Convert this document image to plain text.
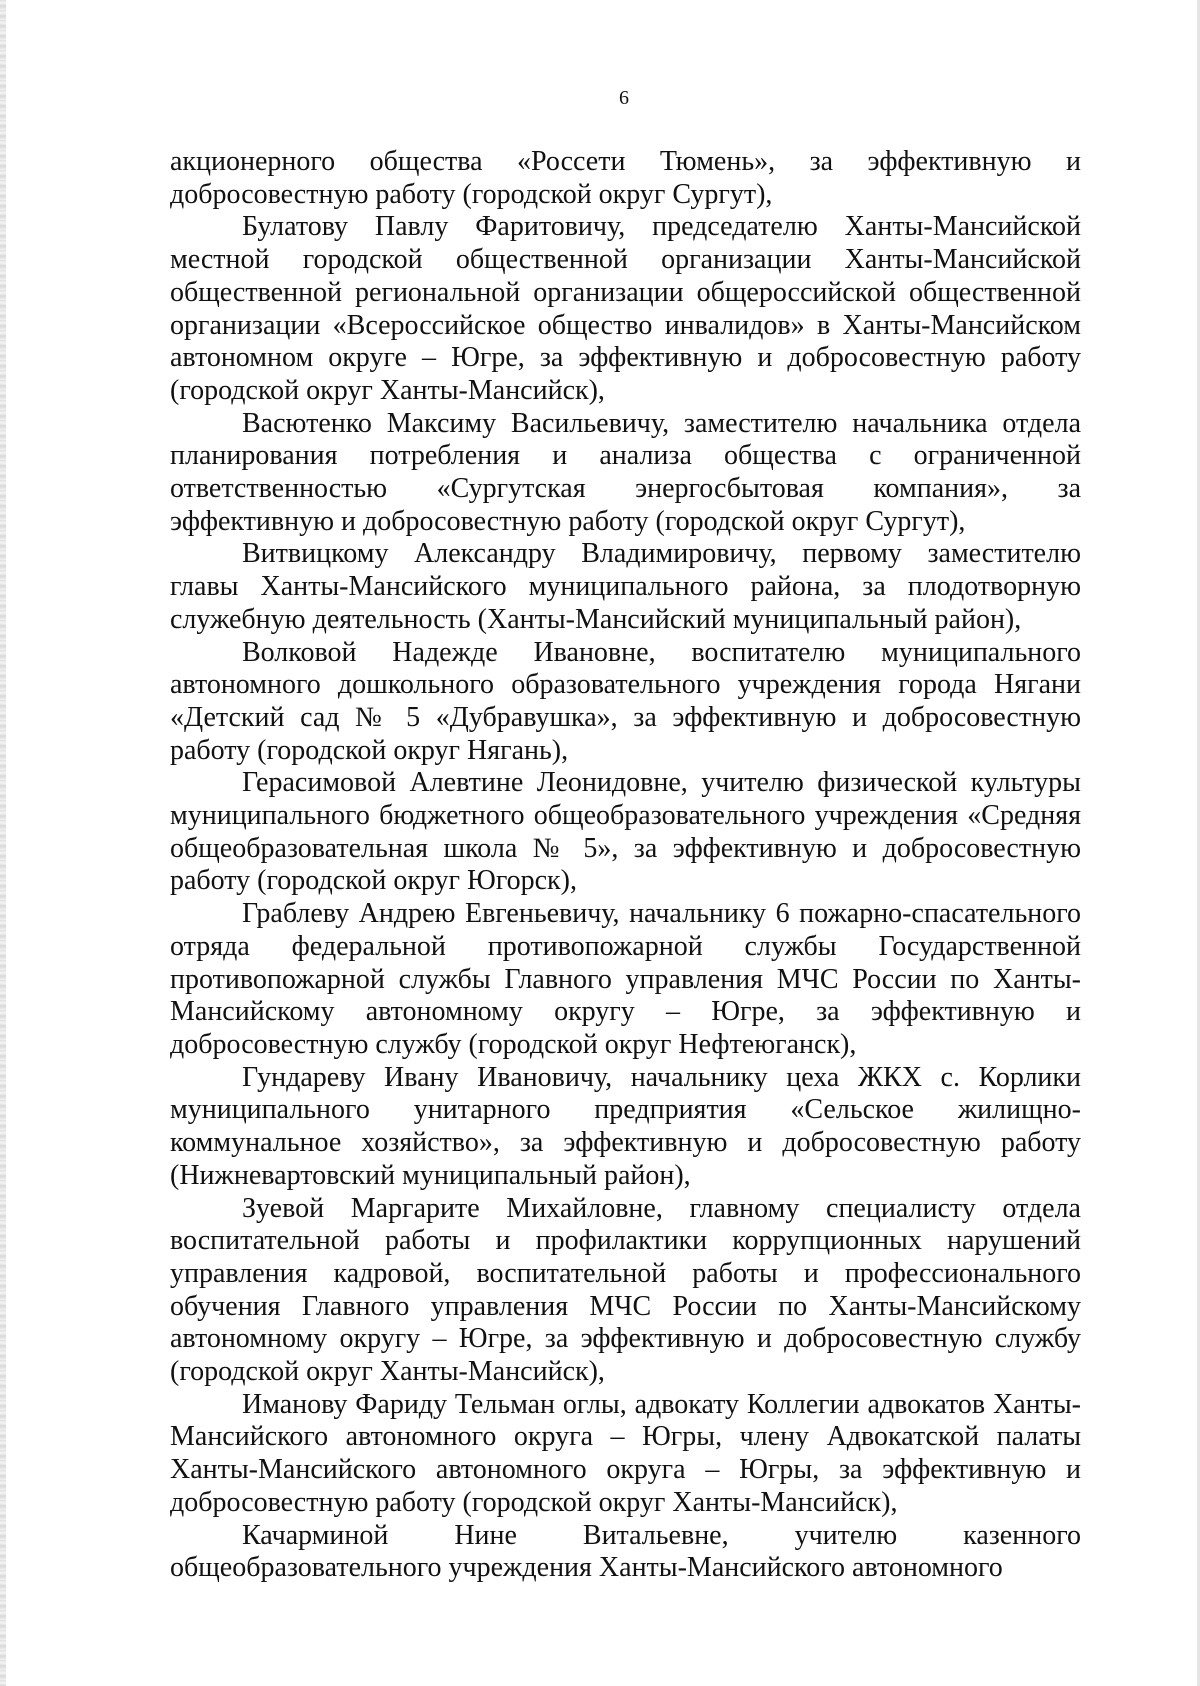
6

акционерного общества «Россети Тюмень», за эффективную и добросовестную работу (городской округ Сургут),

Булатову Павлу Фаритовичу, председателю Ханты-Мансийской местной городской общественной организации Ханты-Мансийской общественной региональной организации общероссийской общественной организации «Всероссийское общество инвалидов» в Ханты-Мансийском автономном округе – Югре, за эффективную и добросовестную работу (городской округ Ханты-Мансийск),

Васютенко Максиму Васильевичу, заместителю начальника отдела планирования потребления и анализа общества с ограниченной ответственностью «Сургутская энергосбытовая компания», за эффективную и добросовестную работу (городской округ Сургут),

Витвицкому Александру Владимировичу, первому заместителю главы Ханты-Мансийского муниципального района, за плодотворную служебную деятельность (Ханты-Мансийский муниципальный район),

Волковой Надежде Ивановне, воспитателю муниципального автономного дошкольного образовательного учреждения города Нягани «Детский сад № 5 «Дубравушка», за эффективную и добросовестную работу (городской округ Нягань),

Герасимовой Алевтине Леонидовне, учителю физической культуры муниципального бюджетного общеобразовательного учреждения «Средняя общеобразовательная школа № 5», за эффективную и добросовестную работу (городской округ Югорск),

Граблеву Андрею Евгеньевичу, начальнику 6 пожарно-спасательного отряда федеральной противопожарной службы Государственной противопожарной службы Главного управления МЧС России по Ханты-Мансийскому автономному округу – Югре, за эффективную и добросовестную службу (городской округ Нефтеюганск),

Гундареву Ивану Ивановичу, начальнику цеха ЖКХ с. Корлики муниципального унитарного предприятия «Сельское жилищно-коммунальное хозяйство», за эффективную и добросовестную работу (Нижневартовский муниципальный район),

Зуевой Маргарите Михайловне, главному специалисту отдела воспитательной работы и профилактики коррупционных нарушений управления кадровой, воспитательной работы и профессионального обучения Главного управления МЧС России по Ханты-Мансийскому автономному округу – Югре, за эффективную и добросовестную службу (городской округ Ханты-Мансийск),

Иманову Фариду Тельман оглы, адвокату Коллегии адвокатов Ханты-Мансийского автономного округа – Югры, члену Адвокатской палаты Ханты-Мансийского автономного округа – Югры, за эффективную и добросовестную работу (городской округ Ханты-Мансийск),

Качарминой Нине Витальевне, учителю казенного общеобразовательного учреждения Ханты-Мансийского автономного
